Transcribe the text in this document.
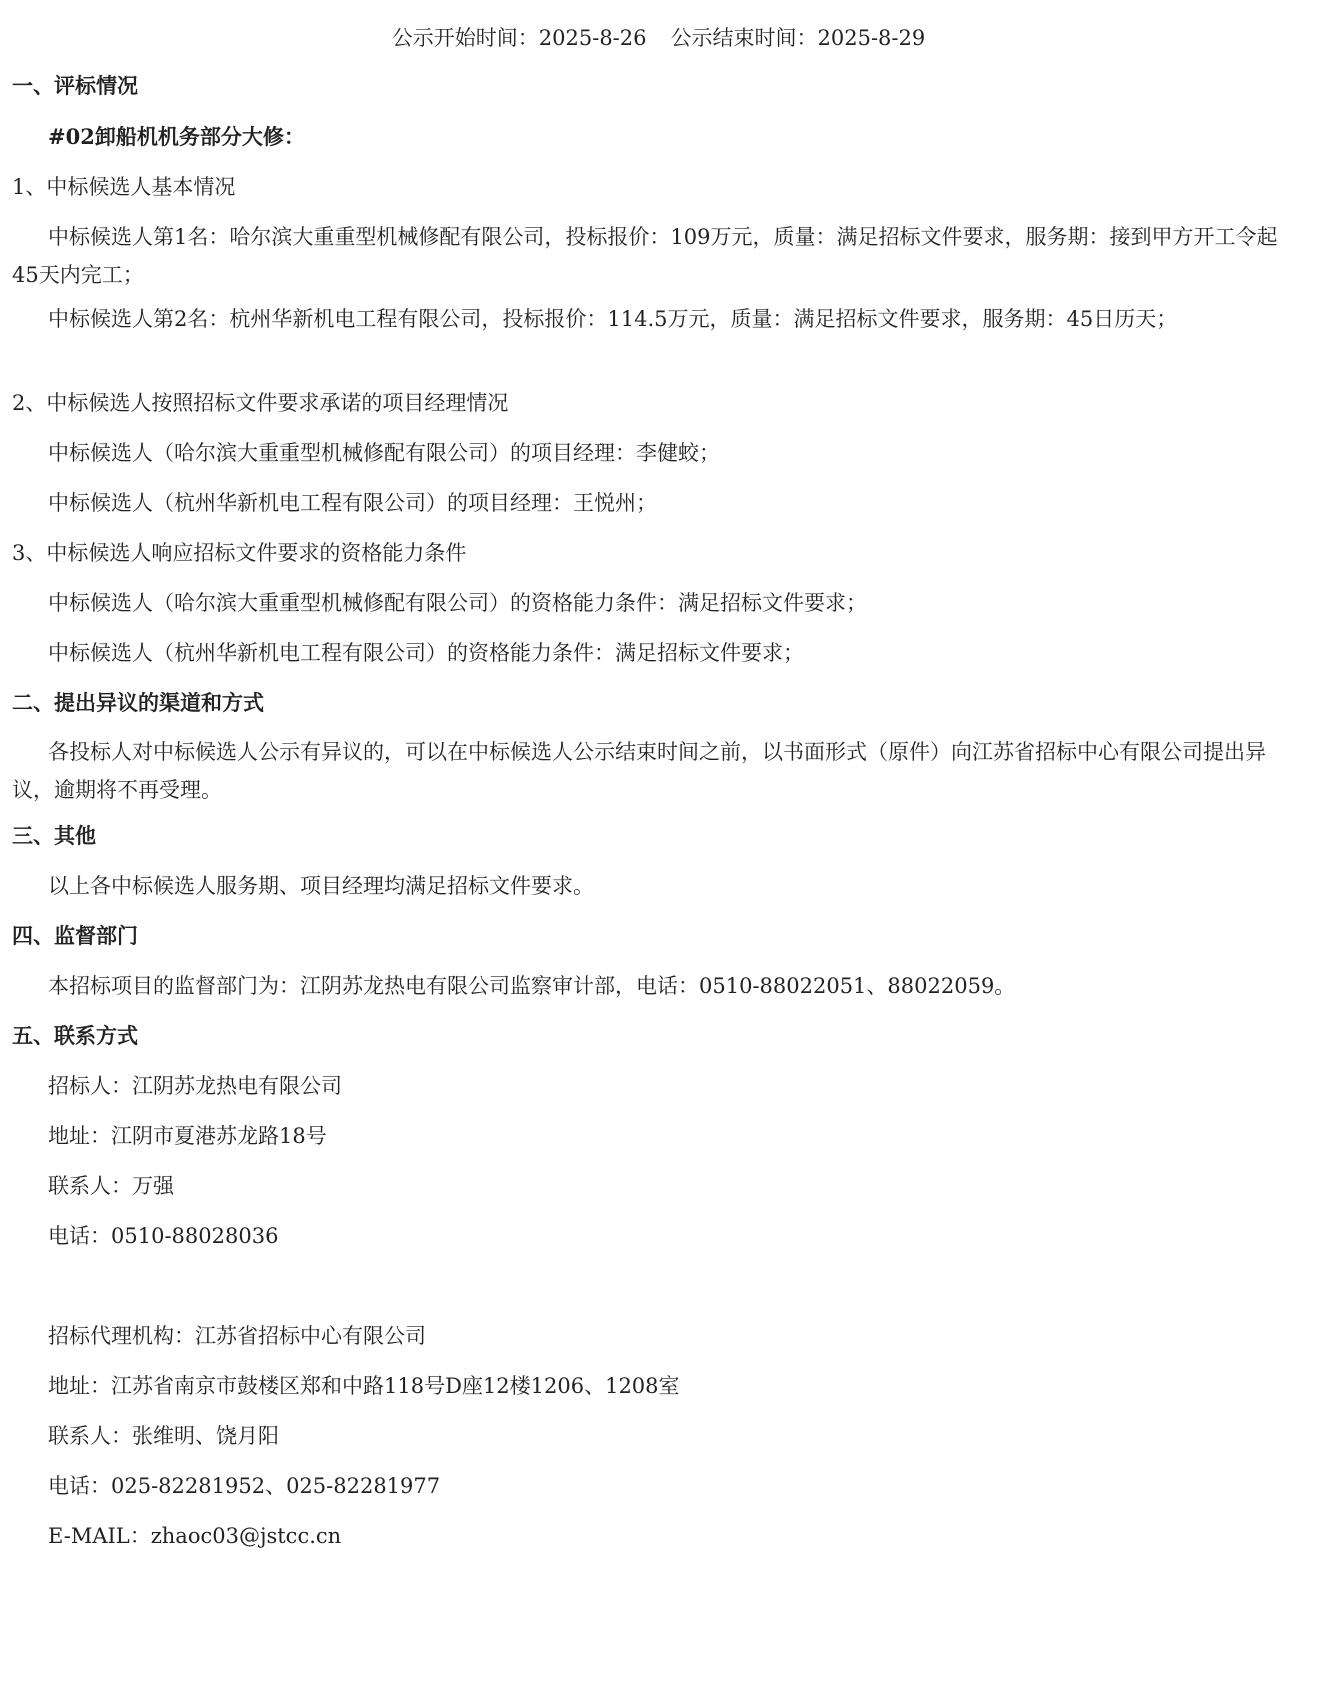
公示开始时间：2025-8-26 公示结束时间：2025-8-29
一、评标情况
#02卸船机机务部分大修：
1、中标候选人基本情况
中标候选人第1名：哈尔滨大重重型机械修配有限公司，投标报价：109万元，质量：满足招标文件要求，服务期：接到甲方开工令起45天内完工；
中标候选人第2名：杭州华新机电工程有限公司，投标报价：114.5万元，质量：满足招标文件要求，服务期：45日历天；
2、中标候选人按照招标文件要求承诺的项目经理情况
中标候选人（哈尔滨大重重型机械修配有限公司）的项目经理：李健蛟；
中标候选人（杭州华新机电工程有限公司）的项目经理：王悦州；
3、中标候选人响应招标文件要求的资格能力条件
中标候选人（哈尔滨大重重型机械修配有限公司）的资格能力条件：满足招标文件要求；
中标候选人（杭州华新机电工程有限公司）的资格能力条件：满足招标文件要求；
二、提出异议的渠道和方式
各投标人对中标候选人公示有异议的，可以在中标候选人公示结束时间之前，以书面形式（原件）向江苏省招标中心有限公司提出异议，逾期将不再受理。
三、其他
以上各中标候选人服务期、项目经理均满足招标文件要求。
四、监督部门
本招标项目的监督部门为：江阴苏龙热电有限公司监察审计部，电话：0510-88022051、88022059。
五、联系方式
招标人：江阴苏龙热电有限公司
地址：江阴市夏港苏龙路18号
联系人：万强
电话：0510-88028036
招标代理机构：江苏省招标中心有限公司
地址：江苏省南京市鼓楼区郑和中路118号D座12楼1206、1208室
联系人：张维明、饶月阳
电话：025-82281952、025-82281977
E-MAIL：zhaoc03@jstcc.cn
